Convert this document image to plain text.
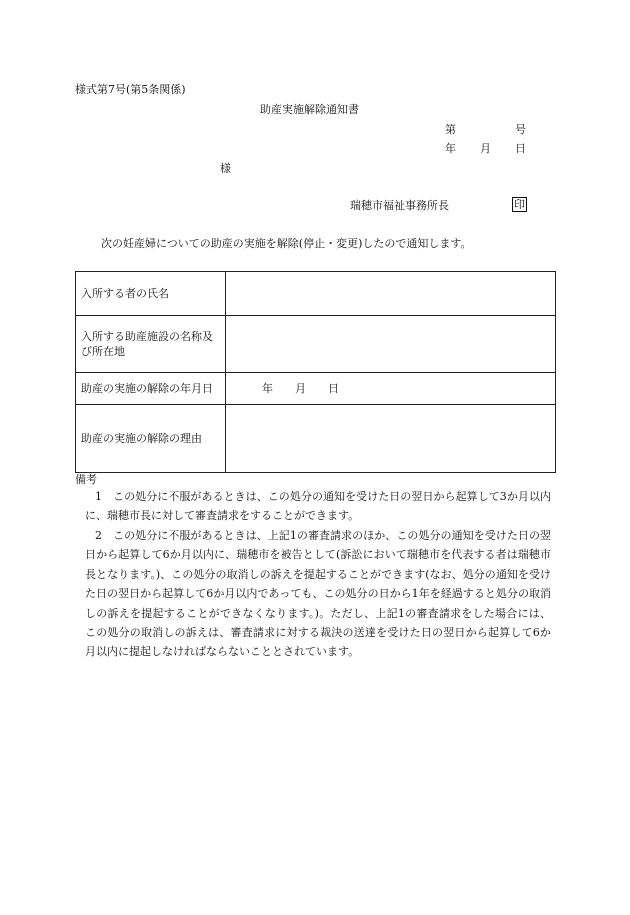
様式第7号(第5条関係)
助産実施解除通知書
第	号
年 月 日
様
瑞穂市福祉事務所長	印
次の妊産婦についての助産の実施を解除(停止・変更)したので通知します。
入所する者の氏名	
入所する助産施設の名称及び所在地	
助産の実施の解除の年月日	年 月 日
助産の実施の解除の理由	
備考
1 この処分に不服があるときは、この処分の通知を受けた日の翌日から起算して3か月以内に、瑞穂市長に対して審査請求をすることができます。
2 この処分に不服があるときは、上記1の審査請求のほか、この処分の通知を受けた日の翌日から起算して6か月以内に、瑞穂市を被告として(訴訟において瑞穂市を代表する者は瑞穂市長となります。)、この処分の取消しの訴えを提起することができます(なお、処分の通知を受けた日の翌日から起算して6か月以内であっても、この処分の日から1年を経過すると処分の取消しの訴えを提起することができなくなります。)。ただし、上記1の審査請求をした場合には、この処分の取消しの訴えは、審査請求に対する裁決の送達を受けた日の翌日から起算して6か月以内に提起しなければならないこととされています。
